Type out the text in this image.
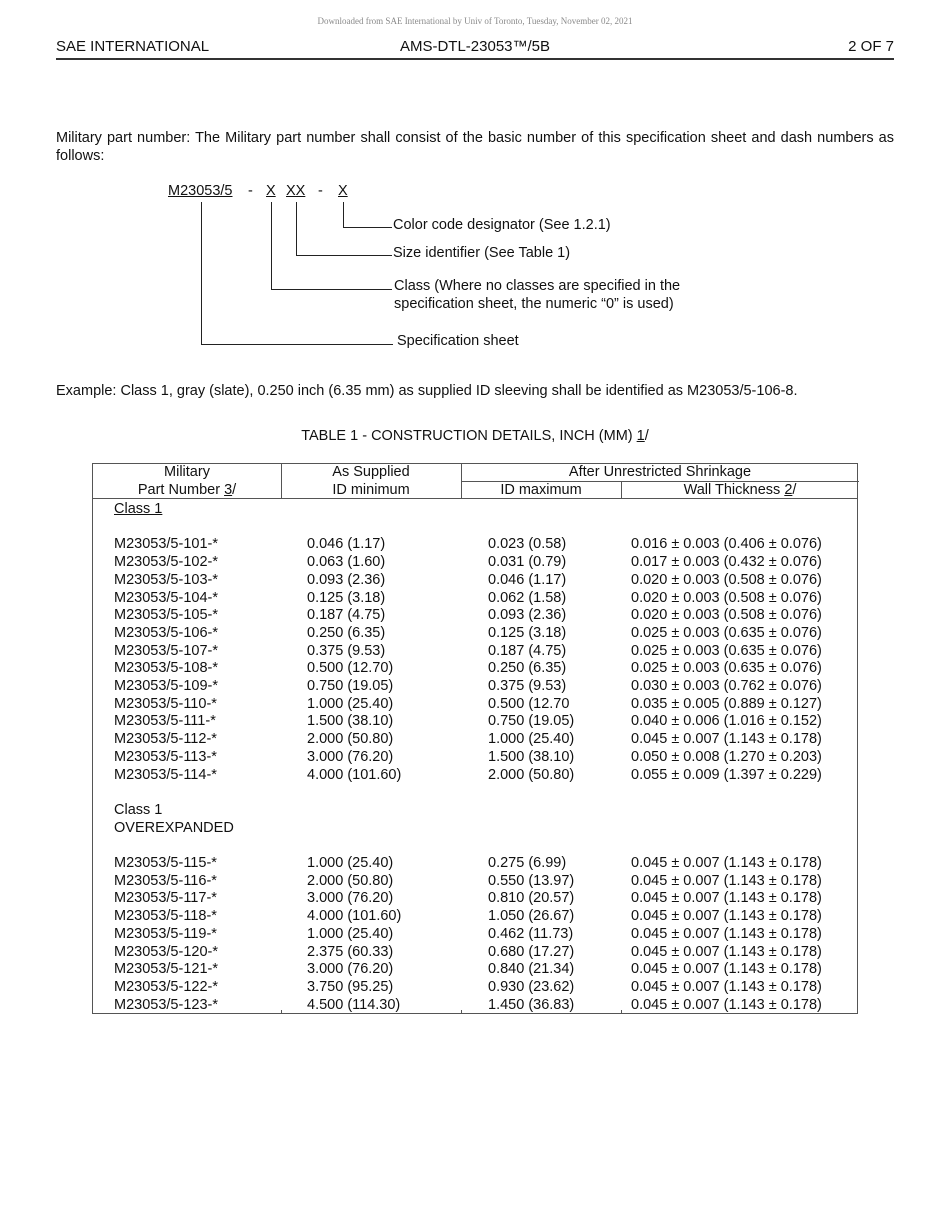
Downloaded from SAE International by Univ of Toronto, Tuesday, November 02, 2021
SAE INTERNATIONAL	AMS-DTL-23053™/5B	2 OF 7
Military part number: The Military part number shall consist of the basic number of this specification sheet and dash numbers as follows:
M23053/5 - X XX - X
Color code designator (See 1.2.1)
Size identifier (See Table 1)
Class (Where no classes are specified in the
specification sheet, the numeric “0” is used)
Specification sheet
Example: Class 1, gray (slate), 0.250 inch (6.35 mm) as supplied ID sleeving shall be identified as M23053/5-106-8.
TABLE 1 - CONSTRUCTION DETAILS, INCH (MM) 1/
Military
Part Number 3/
As Supplied
ID minimum
After Unrestricted Shrinkage
ID maximum	Wall Thickness 2/
Class 1
M23053/5-101-*	0.046 (1.17)	0.023 (0.58)	0.016 ± 0.003 (0.406 ± 0.076)
M23053/5-102-*	0.063 (1.60)	0.031 (0.79)	0.017 ± 0.003 (0.432 ± 0.076)
M23053/5-103-*	0.093 (2.36)	0.046 (1.17)	0.020 ± 0.003 (0.508 ± 0.076)
M23053/5-104-*	0.125 (3.18)	0.062 (1.58)	0.020 ± 0.003 (0.508 ± 0.076)
M23053/5-105-*	0.187 (4.75)	0.093 (2.36)	0.020 ± 0.003 (0.508 ± 0.076)
M23053/5-106-*	0.250 (6.35)	0.125 (3.18)	0.025 ± 0.003 (0.635 ± 0.076)
M23053/5-107-*	0.375 (9.53)	0.187 (4.75)	0.025 ± 0.003 (0.635 ± 0.076)
M23053/5-108-*	0.500 (12.70)	0.250 (6.35)	0.025 ± 0.003 (0.635 ± 0.076)
M23053/5-109-*	0.750 (19.05)	0.375 (9.53)	0.030 ± 0.003 (0.762 ± 0.076)
M23053/5-110-*	1.000 (25.40)	0.500 (12.70	0.035 ± 0.005 (0.889 ± 0.127)
M23053/5-111-*	1.500 (38.10)	0.750 (19.05)	0.040 ± 0.006 (1.016 ± 0.152)
M23053/5-112-*	2.000 (50.80)	1.000 (25.40)	0.045 ± 0.007 (1.143 ± 0.178)
M23053/5-113-*	3.000 (76.20)	1.500 (38.10)	0.050 ± 0.008 (1.270 ± 0.203)
M23053/5-114-*	4.000 (101.60)	2.000 (50.80)	0.055 ± 0.009 (1.397 ± 0.229)
Class 1
OVEREXPANDED
M23053/5-115-*	1.000 (25.40)	0.275 (6.99)	0.045 ± 0.007 (1.143 ± 0.178)
M23053/5-116-*	2.000 (50.80)	0.550 (13.97)	0.045 ± 0.007 (1.143 ± 0.178)
M23053/5-117-*	3.000 (76.20)	0.810 (20.57)	0.045 ± 0.007 (1.143 ± 0.178)
M23053/5-118-*	4.000 (101.60)	1.050 (26.67)	0.045 ± 0.007 (1.143 ± 0.178)
M23053/5-119-*	1.000 (25.40)	0.462 (11.73)	0.045 ± 0.007 (1.143 ± 0.178)
M23053/5-120-*	2.375 (60.33)	0.680 (17.27)	0.045 ± 0.007 (1.143 ± 0.178)
M23053/5-121-*	3.000 (76.20)	0.840 (21.34)	0.045 ± 0.007 (1.143 ± 0.178)
M23053/5-122-*	3.750 (95.25)	0.930 (23.62)	0.045 ± 0.007 (1.143 ± 0.178)
M23053/5-123-*	4.500 (114.30)	1.450 (36.83)	0.045 ± 0.007 (1.143 ± 0.178)
